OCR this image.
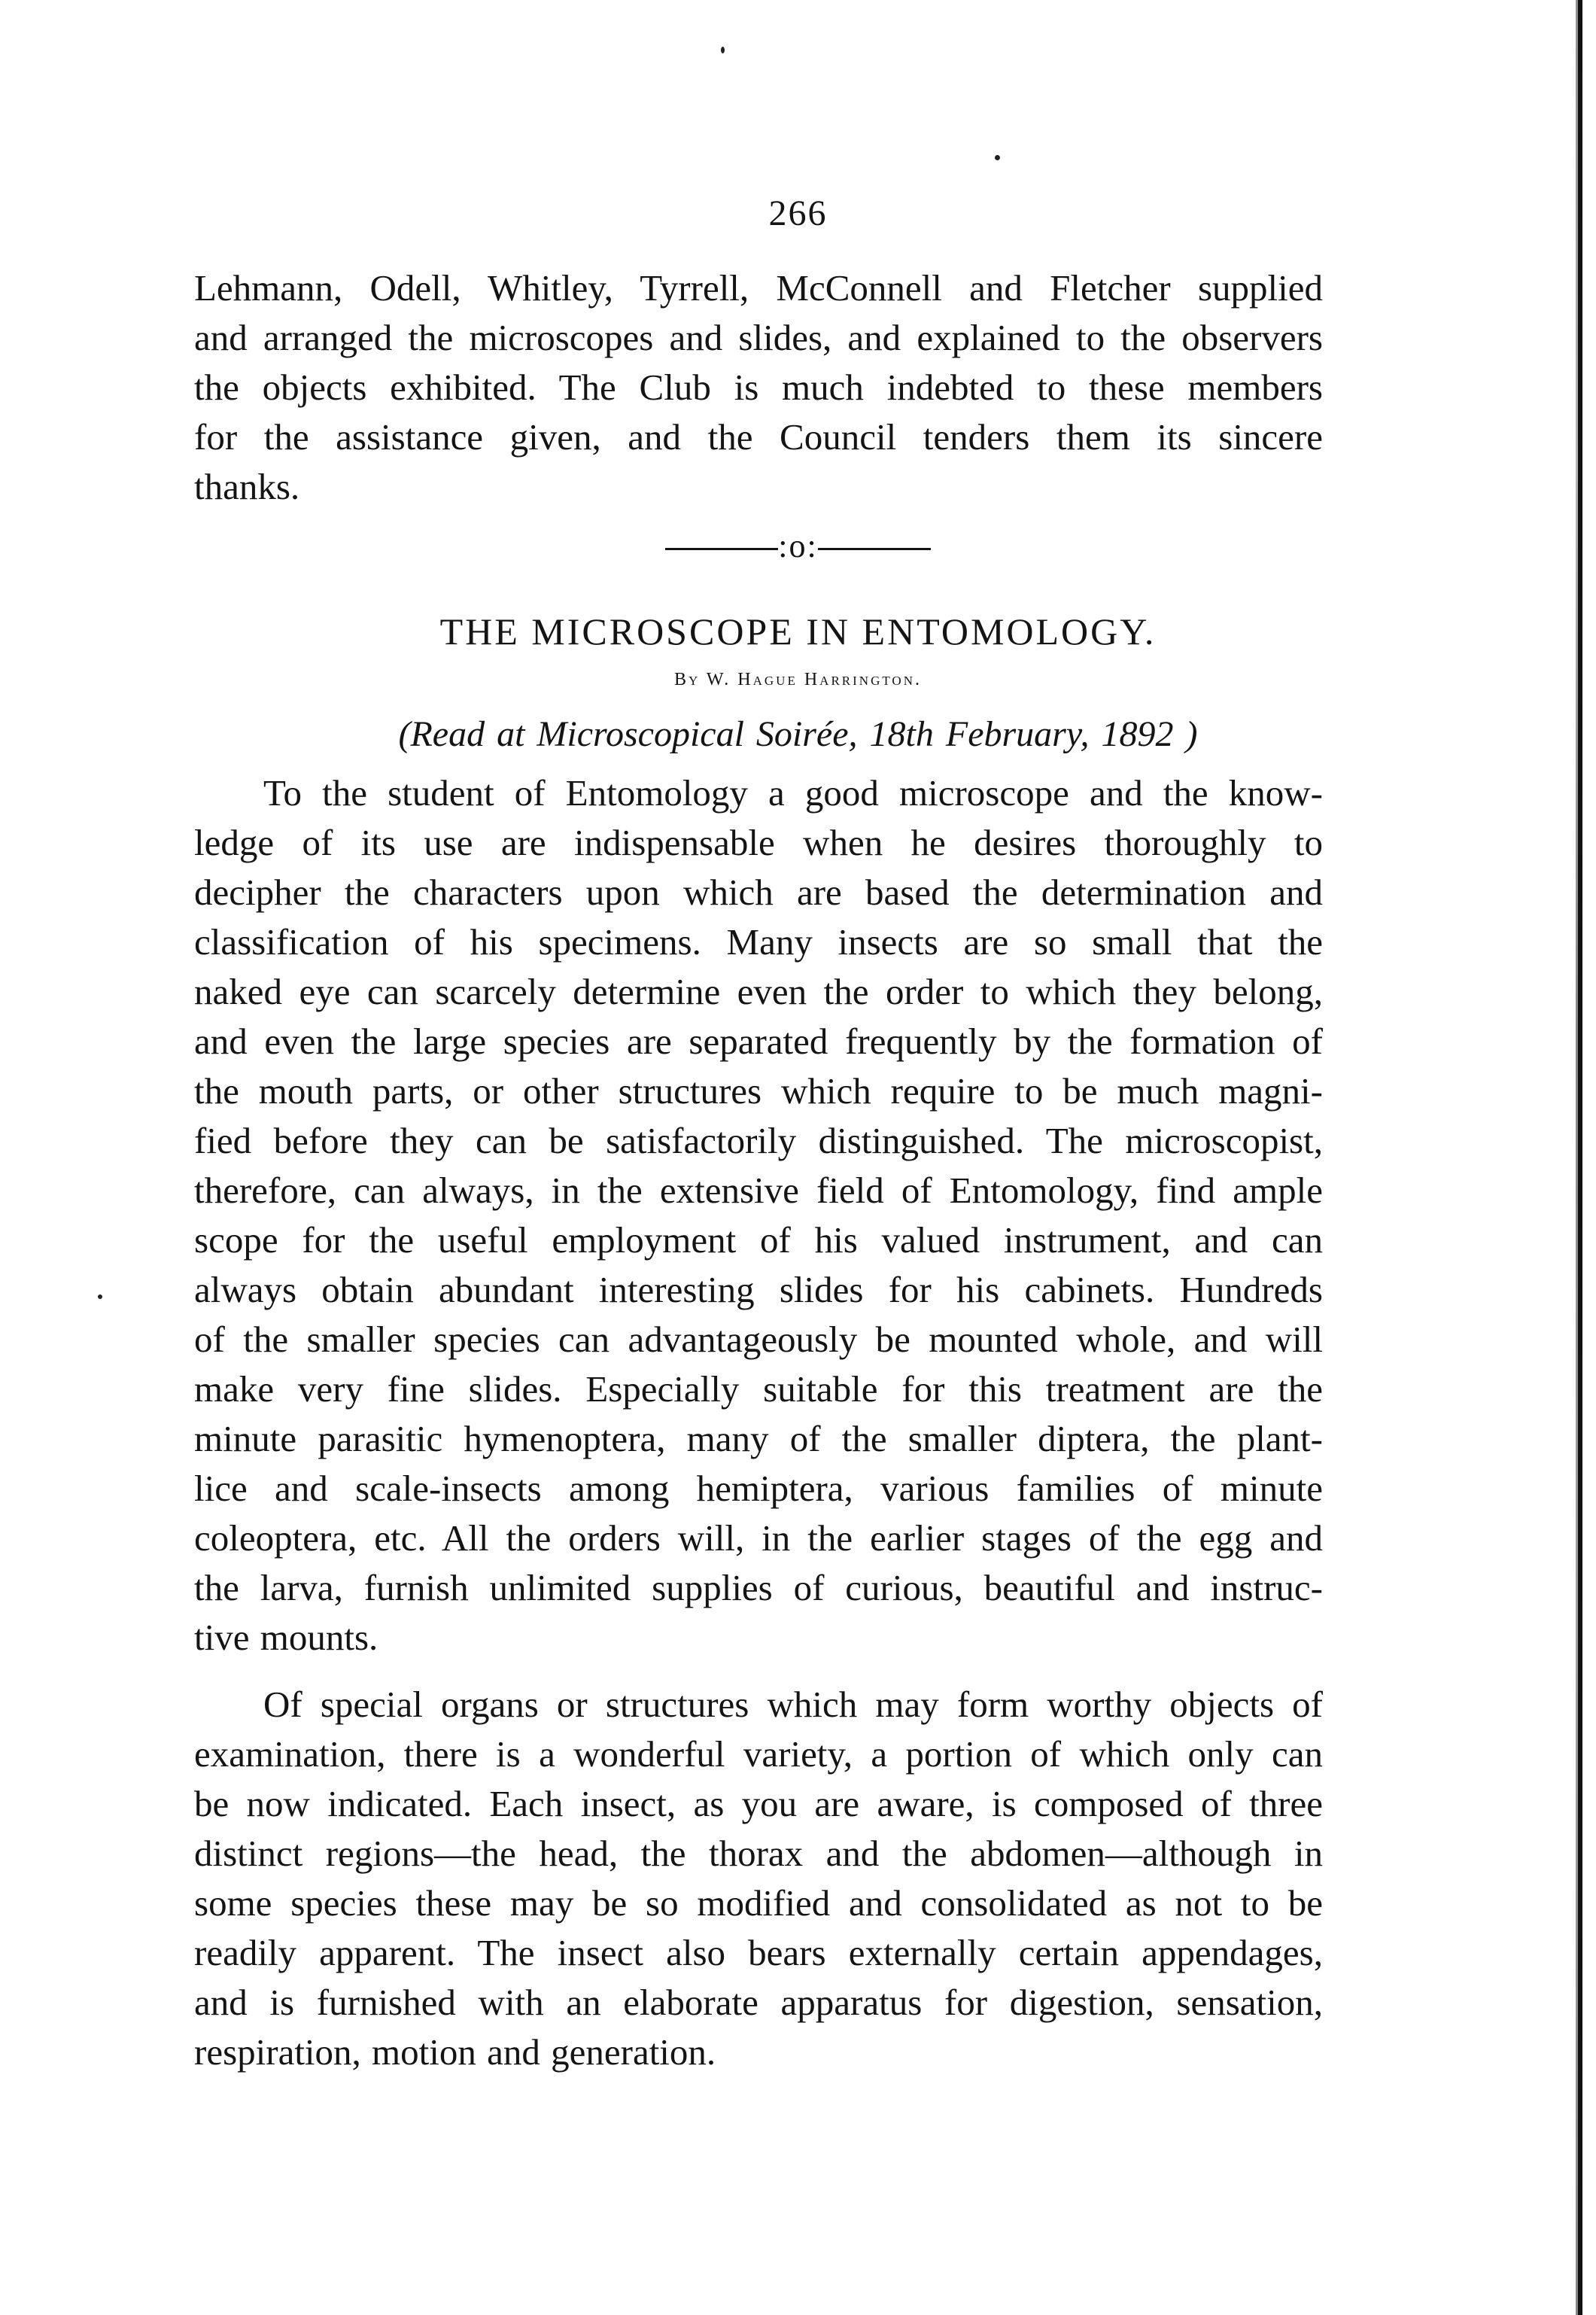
266
Lehmann, Odell, Whitley, Tyrrell, McConnell and Fletcher supplied
and arranged the microscopes and slides, and explained to the observers
the objects exhibited. The Club is much indebted to these members
for the assistance given, and the Council tenders them its sincere
thanks.
:o:
THE MICROSCOPE IN ENTOMOLOGY.
By W. Hague Harrington.
(Read at Microscopical Soirée, 18th February, 1892 )
To the student of Entomology a good microscope and the know-
ledge of its use are indispensable when he desires thoroughly to
decipher the characters upon which are based the determination and
classification of his specimens. Many insects are so small that the
naked eye can scarcely determine even the order to which they belong,
and even the large species are separated frequently by the formation of
the mouth parts, or other structures which require to be much magni-
fied before they can be satisfactorily distinguished. The microscopist,
therefore, can always, in the extensive field of Entomology, find ample
scope for the useful employment of his valued instrument, and can
always obtain abundant interesting slides for his cabinets. Hundreds
of the smaller species can advantageously be mounted whole, and will
make very fine slides. Especially suitable for this treatment are the
minute parasitic hymenoptera, many of the smaller diptera, the plant-
lice and scale-insects among hemiptera, various families of minute
coleoptera, etc. All the orders will, in the earlier stages of the egg and
the larva, furnish unlimited supplies of curious, beautiful and instruc-
tive mounts.
Of special organs or structures which may form worthy objects of
examination, there is a wonderful variety, a portion of which only can
be now indicated. Each insect, as you are aware, is composed of three
distinct regions—the head, the thorax and the abdomen—although in
some species these may be so modified and consolidated as not to be
readily apparent. The insect also bears externally certain appendages,
and is furnished with an elaborate apparatus for digestion, sensation,
respiration, motion and generation.
